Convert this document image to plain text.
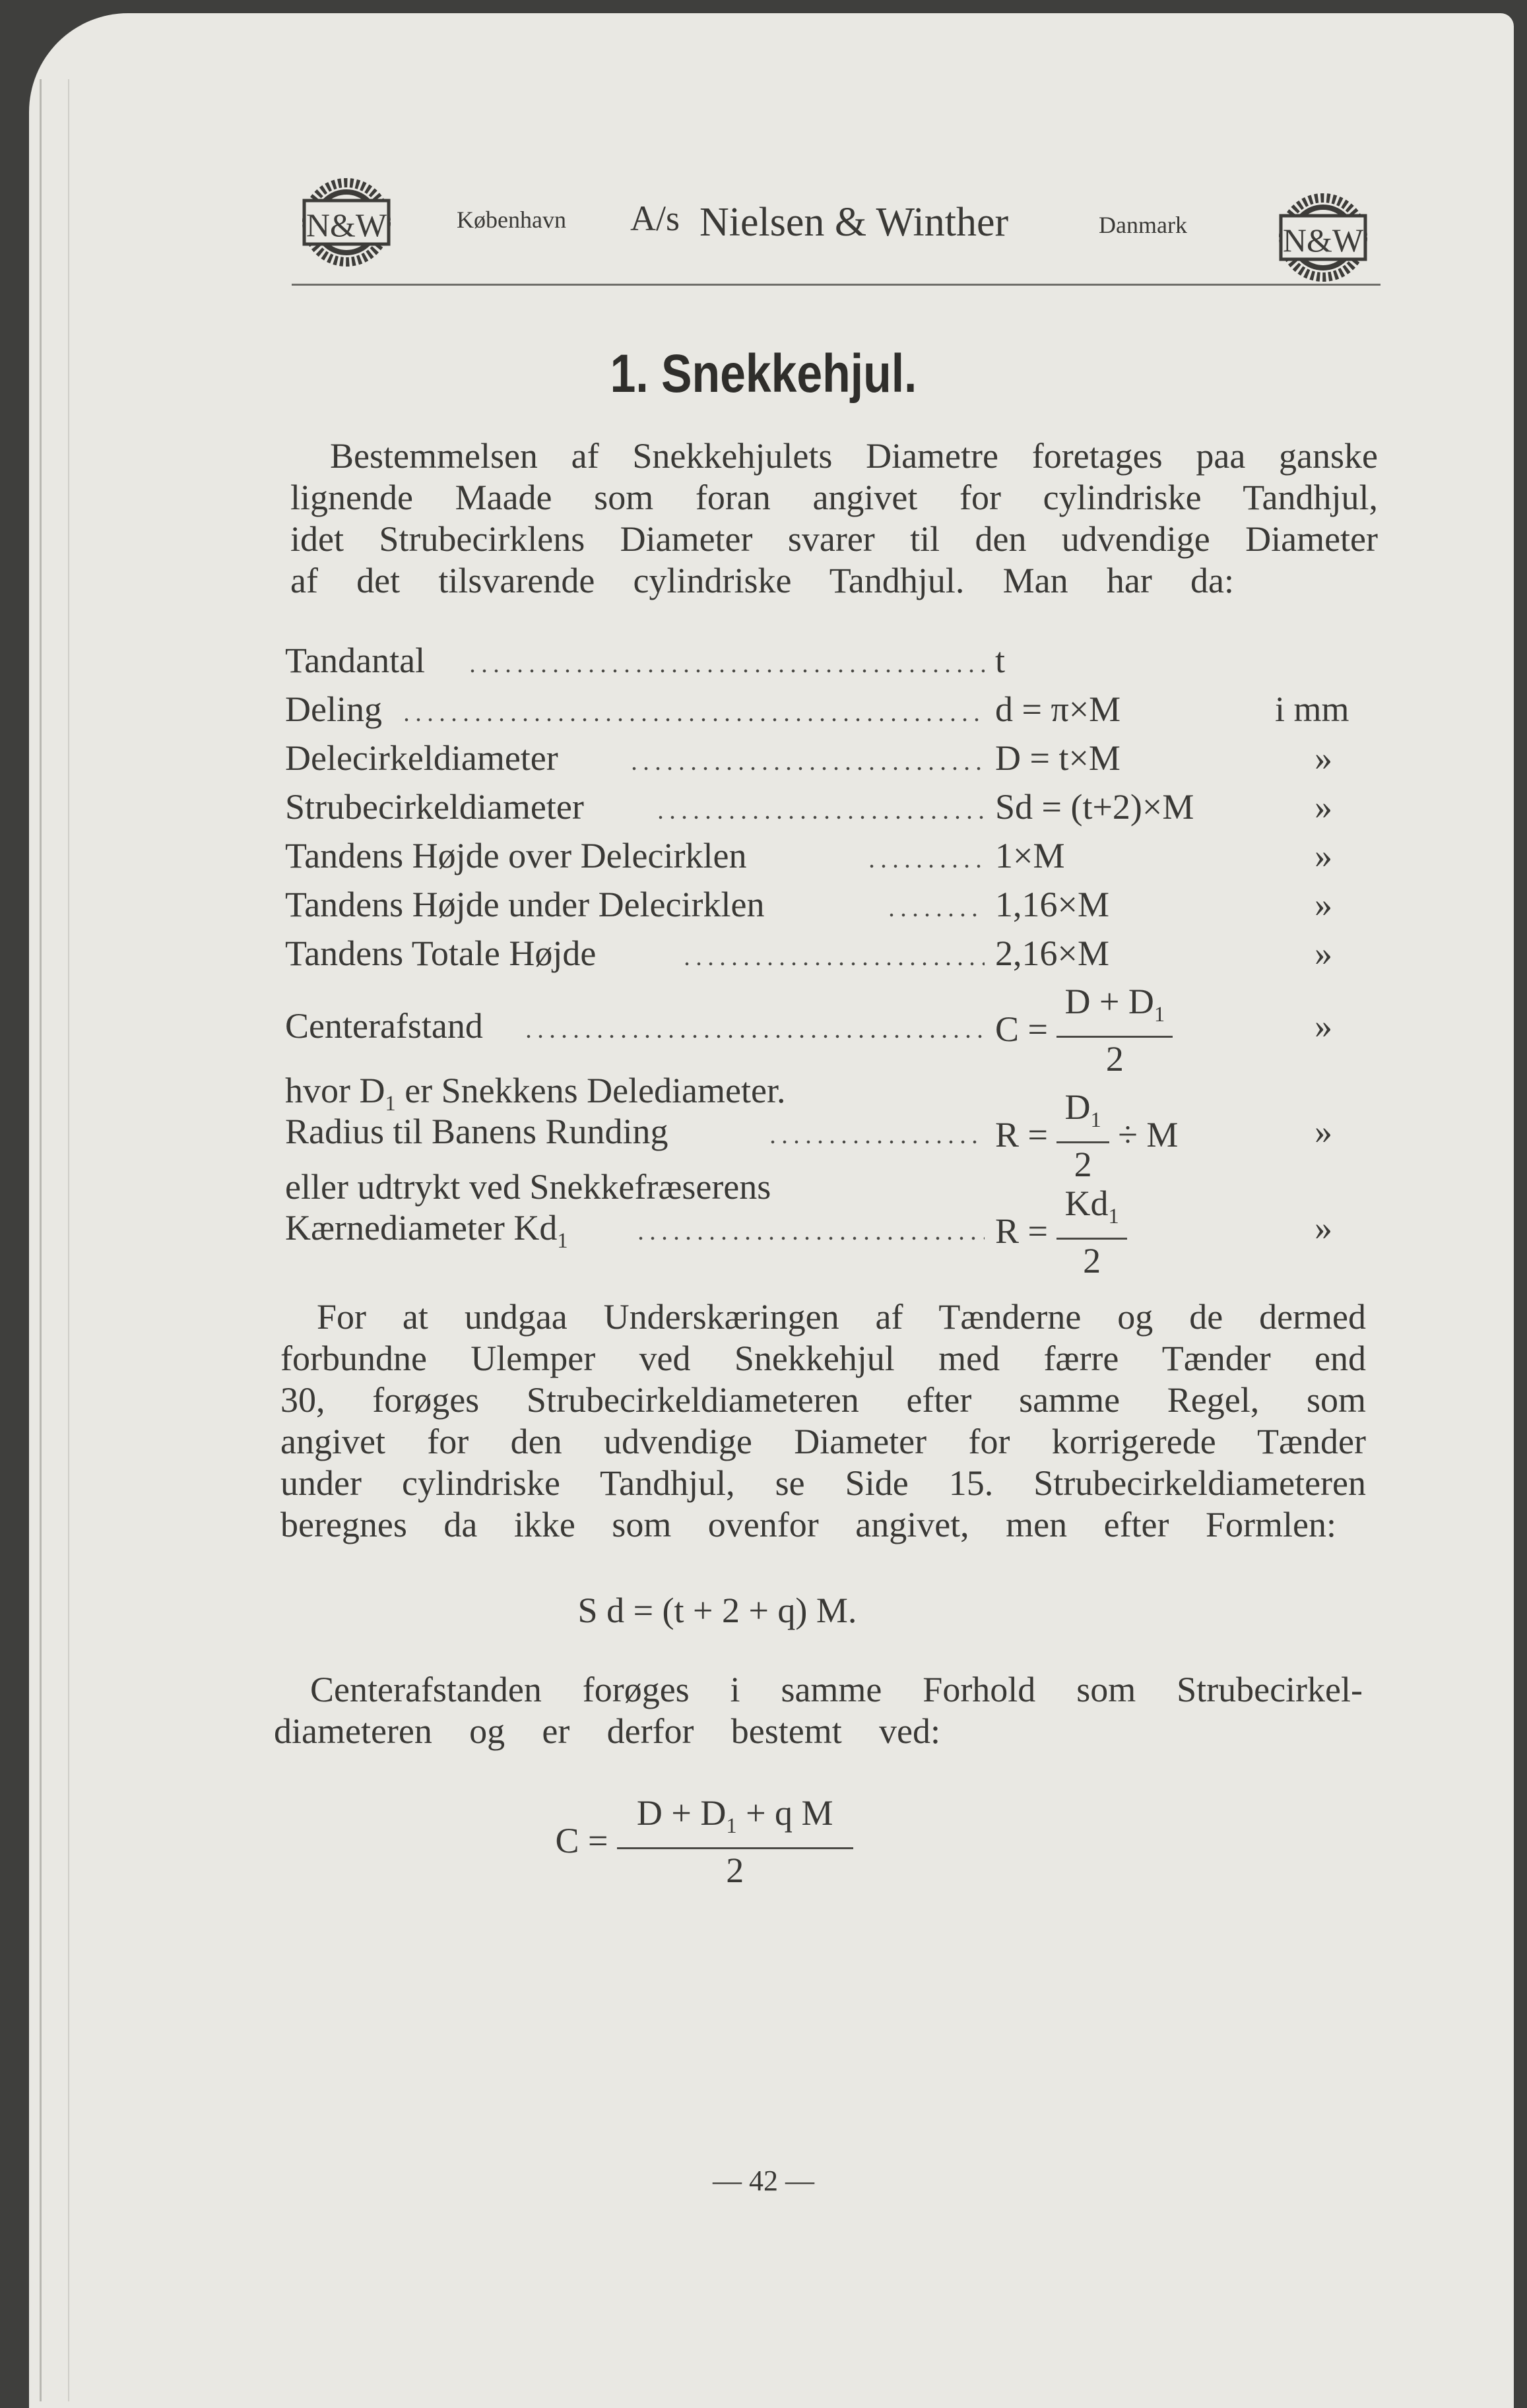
N&W	N&W
København A/s Nielsen & Winther	Danmark
1. Snekkehjul.
Bestemmelsen af Snekkehjulets Diametre foretages paa ganske
lignende Maade som foran angivet for cylindriske Tandhjul,
idet Strubecirklens Diameter svarer til den udvendige Diameter
af det tilsvarende cylindriske Tandhjul. Man har da:
Tandantal	t
Deling	d = π×M	i mm
Delecirkeldiameter	D = t×M	»
Strubecirkeldiameter	Sd = (t+2)×M	»
Tandens Højde over Delecirklen	1×M	»
Tandens Højde under Delecirklen	1,16×M	»
Tandens Totale Højde	2,16×M	»
Centerafstand	$C = \frac{D + D_1}{2}$	»
hvor $D_1$ er Snekkens Delediameter.
Radius til Banens Runding	$R = \frac{D_1}{2} \div M$	»
eller udtrykt ved Snekkefræserens
Kærnediameter $Kd_1$	$R = \frac{Kd_1}{2}$	»
For at undgaa Underskæringen af Tænderne og de dermed
forbundne Ulemper ved Snekkehjul med færre Tænder end
30, forøges Strubecirkeldiameteren efter samme Regel, som
angivet for den udvendige Diameter for korrigerede Tænder
under cylindriske Tandhjul, se Side 15. Strubecirkeldiameteren
beregnes da ikke som ovenfor angivet, men efter Formlen:
S d = (t + 2 + q) M.
Centerafstanden forøges i samme Forhold som Strubecirkel-
diameteren og er derfor bestemt ved:
$C = \frac{D + D_1 + q M}{2}$
— 42 —
